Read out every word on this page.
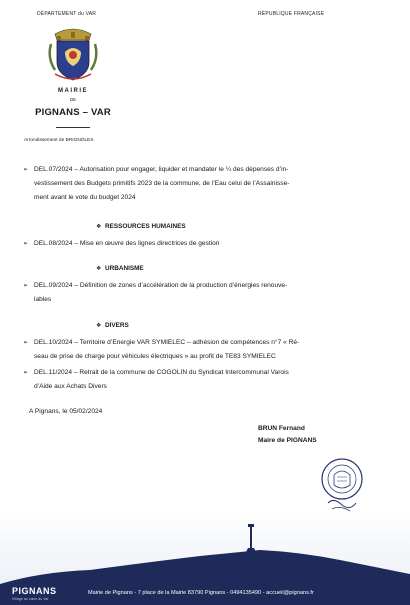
DÉPARTEMENT du VAR	RÉPUBLIQUE FRANÇAISE
MAIRIE
DE
PIGNANS – VAR
Arrondissement de BRIGNOLES
➢ DEL.07/2024 – Autorisation pour engager, liquider et mandater le ¼ des dépenses d’in-
vestissement des Budgets primitifs 2023 de la commune, de l’Eau celui de l’Assainisse-
ment avant le vote du budget 2024
❖ RESSOURCES HUMAINES
➢ DEL.08/2024 – Mise en œuvre des lignes directrices de gestion
❖ URBANISME
➢ DEL.09/2024 – Définition de zones d’accélération de la production d’énergies renouve-
lables
❖ DIVERS
➢ DEL.10/2024 – Territoire d’Energie VAR SYMIELEC – adhésion de compétences n°7 « Ré-
seau de prise de charge pour véhicules électriques » au profit de TE83 SYMIELEC
➢ DEL.11/2024 – Retrait de la commune de COGOLIN du Syndicat Intercommunal Varois
d’Aide aux Achats Divers
A Pignans, le 05/02/2024
BRUN Fernand
Maire de PIGNANS
PIGNANS
Village au cœur du Var
Mairie de Pignans - 7 place de la Mairie 83790 Pignans - 0494135490 - accueil@pignans.fr
